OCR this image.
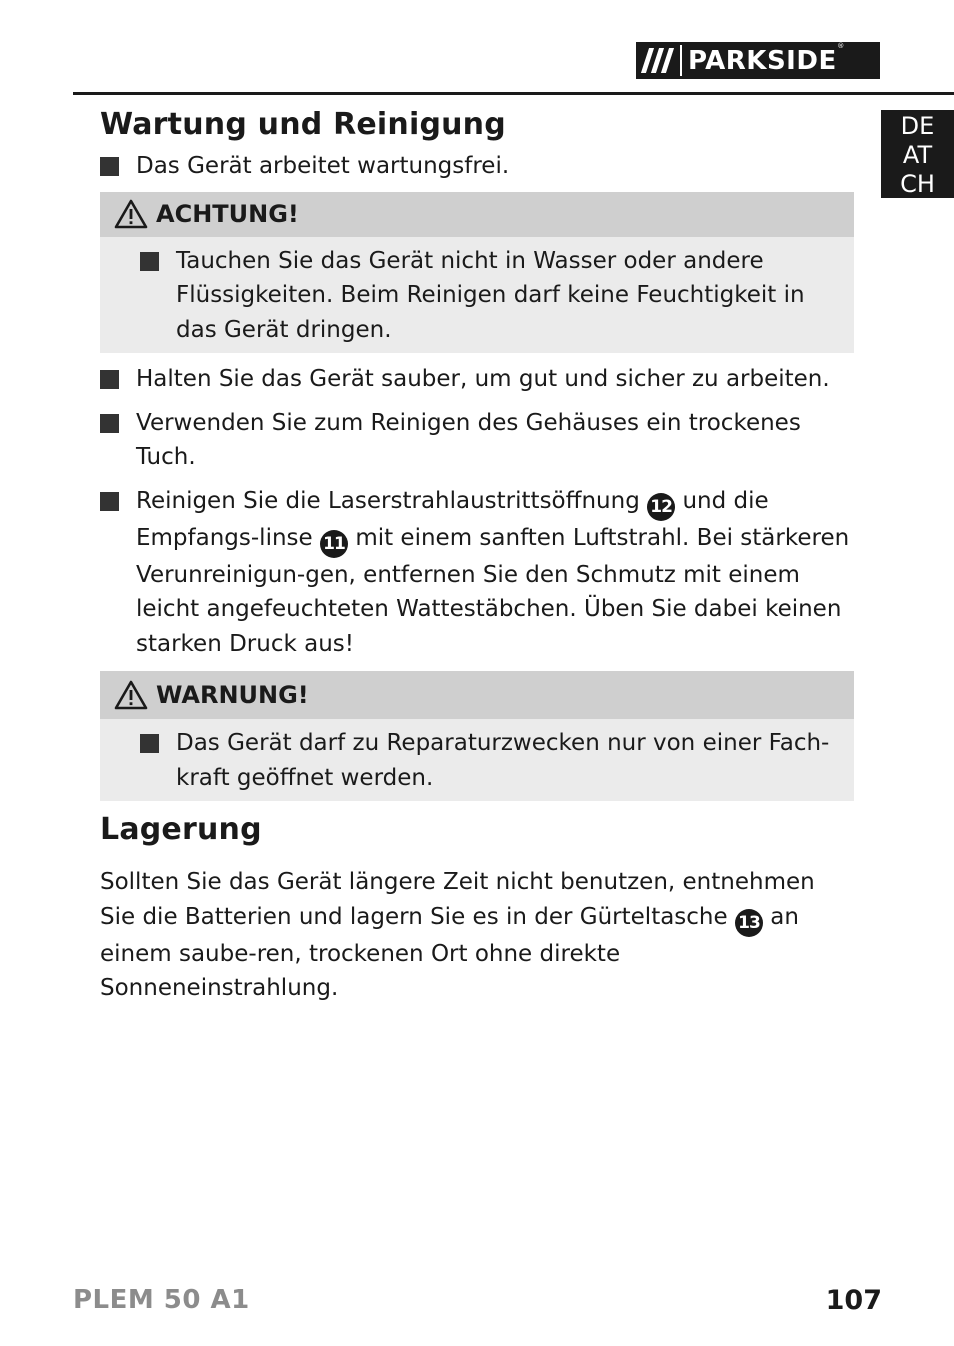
PARKSIDE ®
DE
AT
CH
Wartung und Reinigung

Das Gerät arbeitet wartungsfrei.

ACHTUNG!

Tauchen Sie das Gerät nicht in Wasser oder andere Flüssigkeiten. Beim Reinigen darf keine Feuchtigkeit in das Gerät dringen.

Halten Sie das Gerät sauber, um gut und sicher zu arbeiten.

Verwenden Sie zum Reinigen des Gehäuses ein trockenes Tuch.

Reinigen Sie die Laserstrahlaustrittsöffnung 12 und die Empfangs-linse 11 mit einem sanften Luftstrahl. Bei stärkeren Verunreinigun-gen, entfernen Sie den Schmutz mit einem leicht angefeuchteten Wattestäbchen. Üben Sie dabei keinen starken Druck aus!

WARNUNG!

Das Gerät darf zu Reparaturzwecken nur von einer Fach-kraft geöffnet werden.

Lagerung

Sollten Sie das Gerät längere Zeit nicht benutzen, entnehmen Sie die Batterien und lagern Sie es in der Gürteltasche 13 an einem saube-ren, trockenen Ort ohne direkte Sonneneinstrahlung.

PLEM 50 A1	107
